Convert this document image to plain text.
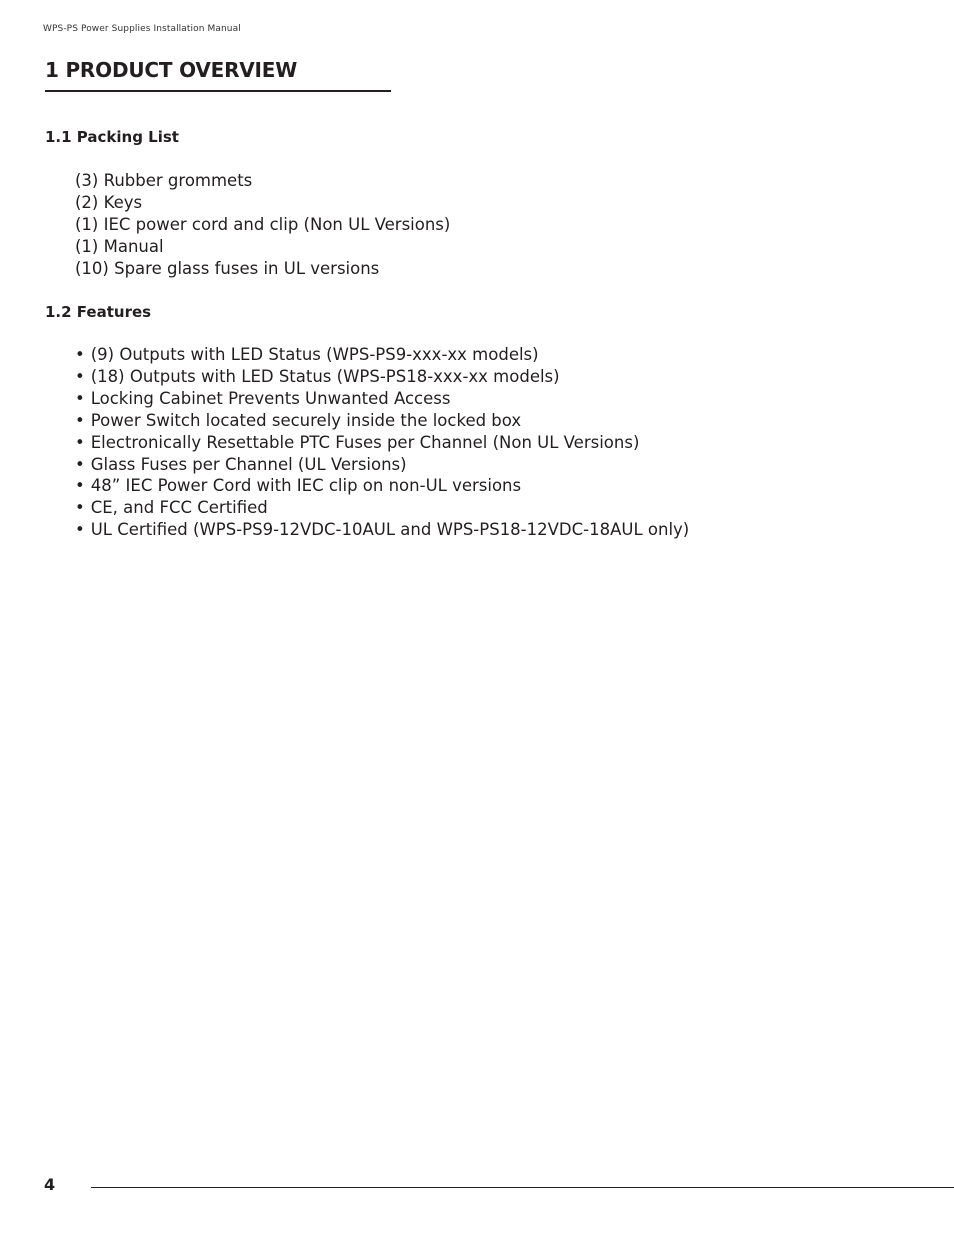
WPS-PS Power Supplies Installation Manual
1 PRODUCT OVERVIEW
1.1 Packing List
(3) Rubber grommets
(2) Keys
(1) IEC power cord and clip (Non UL Versions)
(1) Manual
(10) Spare glass fuses in UL versions
1.2 Features
• (9) Outputs with LED Status (WPS-PS9-xxx-xx models)
• (18) Outputs with LED Status (WPS-PS18-xxx-xx models)
• Locking Cabinet Prevents Unwanted Access
• Power Switch located securely inside the locked box
• Electronically Resettable PTC Fuses per Channel (Non UL Versions)
• Glass Fuses per Channel (UL Versions)
• 48” IEC Power Cord with IEC clip on non-UL versions
• CE, and FCC Certified
• UL Certified (WPS-PS9-12VDC-10AUL and WPS-PS18-12VDC-18AUL only)
4
